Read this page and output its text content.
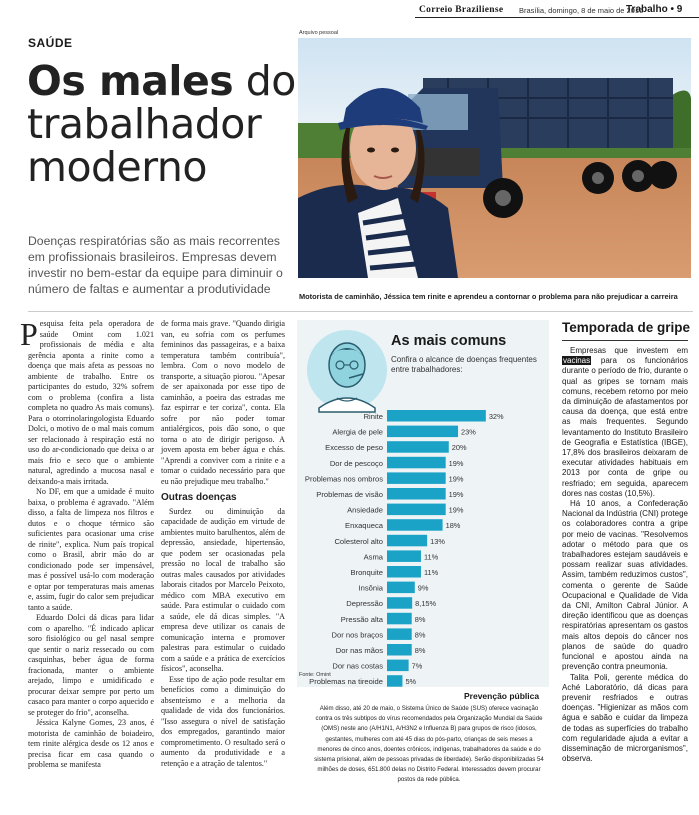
Correio Braziliense Brasília, domingo, 8 de maio de 2016
Trabalho • 9
SAÚDE
Os males do
trabalhador
moderno
Doenças respiratórias são as mais recorrentes em profissionais brasileiros. Empresas devem investir no bem-estar da equipe para diminuir o número de faltas e aumentar a produtividade
Arquivo pessoal
Motorista de caminhão, Jéssica tem rinite e aprendeu a contornar o problema para não prejudicar a carreira

Pesquisa feita pela operadora de saúde Omint com 1.021 profissionais de média e alta gerência aponta a rinite como a doença que mais afeta as pessoas no ambiente de trabalho. Entre os participantes do estudo, 32% sofrem com o problema (confira a lista completa no quadro As mais comuns). Para o otorrinolaringologista Eduardo Dolci, o motivo de o mal mais comum ser relacionado à respiração está no uso do ar-condicionado que deixa o ar mais frio e seco que o ambiente natural, agredindo a mucosa nasal e deixando-a mais irritada.

No DF, em que a umidade é muito baixa, o problema é agravado. "Além disso, a falta de limpeza nos filtros e dutos e o choque térmico são suficientes para ocasionar uma crise de rinite", explica. Num país tropical como o Brasil, abrir mão do ar condicionado pode ser impensável, mas é possível usá-lo com moderação e optar por temperaturas mais amenas e, assim, fugir do calor sem prejudicar tanto a saúde.

Eduardo Dolci dá dicas para lidar com o aparelho. "É indicado aplicar soro fisiológico ou gel nasal sempre que sentir o nariz ressecado ou com casquinhas, beber água de forma fracionada, manter o ambiente arejado, limpo e umidificado e procurar deixar sempre por perto um casaco para manter o corpo aquecido e se proteger do frio", aconselha.

Jéssica Kalyne Gomes, 23 anos, é motorista de caminhão de boiadeiro, tem rinite alérgica desde os 12 anos e precisa ficar em casa quando o problema se manifesta

de forma mais grave. "Quando dirigia van, eu sofria com os perfumes femininos das passageiras, e a baixa temperatura também contribuía", lembra. Com o novo modelo de transporte, a situação piorou. "Apesar de ser apaixonada por esse tipo de caminhão, a poeira das estradas me faz espirrar e ter coriza", conta. Ela sofre por não poder tomar antialérgicos, pois dão sono, o que torna o ato de dirigir perigoso. A jovem aposta em beber água e chás. "Aprendi a conviver com a rinite e a tomar o cuidado necessário para que eu não prejudique meu trabalho."

Outras doenças

Surdez ou diminuição da capacidade de audição em virtude de ambientes muito barulhentos, além de depressão, ansiedade, hipertensão, que podem ser ocasionadas pela pressão no local de trabalho são outras males causados por atividades laborais citados por Marcelo Peixoto, médico com MBA executivo em saúde. Para estimular o cuidado com a saúde, ele dá dicas simples. "A empresa deve utilizar os canais de comunicação interna e promover palestras para estimular o cuidado com a saúde e a prática de exercícios físicos", aconselha.

Esse tipo de ação pode resultar em benefícios como a diminuição do absenteísmo e a melhoria da qualidade de vida dos funcionários. "Isso assegura o nível de satisfação dos empregados, garantindo maior comprometimento. O resultado será o aumento da produtividade e a retenção e a atração de talentos."

Rinite	32%
Alergia de pele	23%
Excesso de peso	20%
Dor de pescoço	19%
Problemas nos ombros	19%
Problemas de visão	19%
Ansiedade	19%
Enxaqueca	18%
Colesterol alto	13%
Asma	11%
Bronquite	11%
Insônia	9%
Depressão	8,15%
Pressão alta	8%
Dor nos braços	8%
Dor nas mãos	8%
Dor nas costas	7%
Problemas na tireoide	5%
As mais comuns
Confira o alcance de doenças frequentes entre trabalhadores:
Fonte: Omint
Prevenção pública
Além disso, até 20 de maio, o Sistema Único de Saúde (SUS) oferece vacinação contra os três subtipos do vírus recomendados pela Organização Mundial da Saúde (OMS) neste ano (A/H1N1, A/H3N2 e Influenza B) para grupos de risco (idosos, gestantes, mulheres com até 45 dias do pós-parto, crianças de seis meses a menores de cinco anos, doentes crônicos, indígenas, trabalhadores da saúde e do sistema prisional, além de pessoas privadas de liberdade). Serão disponibilizadas 54 milhões de doses, 651.800 delas no Distrito Federal. Interessados devem procurar postos da rede pública.
Temporada de gripe

Empresas que investem em vacinas para os funcionários durante o período de frio, durante o qual as gripes se tornam mais comuns, recebem retorno por meio da diminuição de afastamentos por causa da doença, que está entre as mais frequentes. Segundo levantamento do Instituto Brasileiro de Geografia e Estatística (IBGE), 17,8% dos brasileiros deixaram de executar atividades habituais em 2013 por conta de gripe ou resfriado; em seguida, aparecem dores nas costas (10,5%).

Há 10 anos, a Confederação Nacional da Indústria (CNI) protege os colaboradores contra a gripe por meio de vacinas. "Resolvemos adotar o método para que os trabalhadores estejam saudáveis e possam realizar suas atividades. Assim, também reduzimos custos", comenta o gerente de Saúde Ocupacional e Qualidade de Vida da CNI, Amilton Cabral Júnior. A direção identificou que as doenças respiratórias apresentam os gastos mais altos depois do câncer nos planos de saúde do quadro funcional e apostou ainda na prevenção contra pneumonia.

Talita Poli, gerente médica do Aché Laboratório, dá dicas para prevenir resfriados e outras doenças. "Higienizar as mãos com água e sabão e cuidar da limpeza de todas as superfícies do trabalho com regularidade ajuda a evitar a disseminação de microrganismos", observa.
